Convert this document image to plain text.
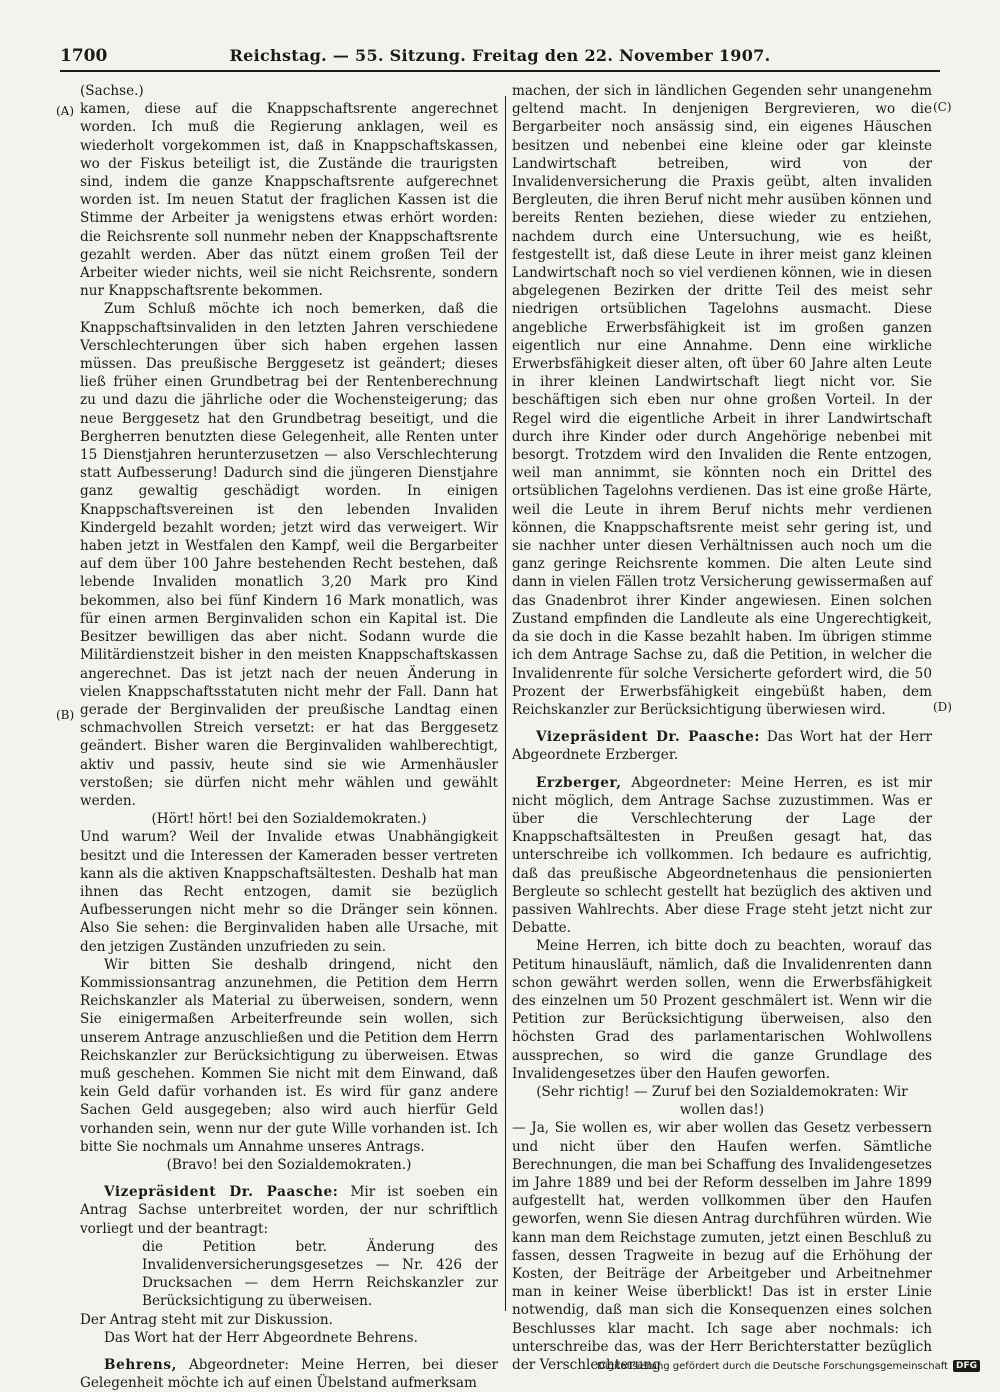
1700	Reichstag. — 55. Sitzung. Freitag den 22. November 1907.
(A)
(B)
(C)
(D)

(Sachse.)

kamen, diese auf die Knappschaftsrente angerechnet worden. Ich muß die Regierung anklagen, weil es wiederholt vorgekommen ist, daß in Knappschaftskassen, wo der Fiskus beteiligt ist, die Zustände die traurigsten sind, indem die ganze Knappschaftsrente aufgerechnet worden ist. Im neuen Statut der fraglichen Kassen ist die Stimme der Arbeiter ja wenigstens etwas erhört worden: die Reichsrente soll nunmehr neben der Knappschaftsrente gezahlt werden. Aber das nützt einem großen Teil der Arbeiter wieder nichts, weil sie nicht Reichsrente, sondern nur Knappschaftsrente bekommen.

Zum Schluß möchte ich noch bemerken, daß die Knappschaftsinvaliden in den letzten Jahren verschiedene Verschlechterungen über sich haben ergehen lassen müssen. Das preußische Berggesetz ist geändert; dieses ließ früher einen Grundbetrag bei der Rentenberechnung zu und dazu die jährliche oder die Wochensteigerung; das neue Berggesetz hat den Grundbetrag beseitigt, und die Bergherren benutzten diese Gelegenheit, alle Renten unter 15 Dienstjahren herunterzusetzen — also Verschlechterung statt Aufbesserung! Dadurch sind die jüngeren Dienstjahre ganz gewaltig geschädigt worden. In einigen Knappschaftsvereinen ist den lebenden Invaliden Kindergeld bezahlt worden; jetzt wird das verweigert. Wir haben jetzt in Westfalen den Kampf, weil die Bergarbeiter auf dem über 100 Jahre bestehenden Recht bestehen, daß lebende Invaliden monatlich 3,20 Mark pro Kind bekommen, also bei fünf Kindern 16 Mark monatlich, was für einen armen Berginvaliden schon ein Kapital ist. Die Besitzer bewilligen das aber nicht. Sodann wurde die Militärdienstzeit bisher in den meisten Knappschaftskassen angerechnet. Das ist jetzt nach der neuen Änderung in vielen Knappschaftsstatuten nicht mehr der Fall. Dann hat gerade der Berginvaliden der preußische Landtag einen schmachvollen Streich versetzt: er hat das Berggesetz geändert. Bisher waren die Berginvaliden wahlberechtigt, aktiv und passiv, heute sind sie wie Armenhäusler verstoßen; sie dürfen nicht mehr wählen und gewählt werden.

(Hört! hört! bei den Sozialdemokraten.)

Und warum? Weil der Invalide etwas Unabhängigkeit besitzt und die Interessen der Kameraden besser vertreten kann als die aktiven Knappschaftsältesten. Deshalb hat man ihnen das Recht entzogen, damit sie bezüglich Aufbesserungen nicht mehr so die Dränger sein können. Also Sie sehen: die Berginvaliden haben alle Ursache, mit den jetzigen Zuständen unzufrieden zu sein.

Wir bitten Sie deshalb dringend, nicht den Kommissionsantrag anzunehmen, die Petition dem Herrn Reichskanzler als Material zu überweisen, sondern, wenn Sie einigermaßen Arbeiterfreunde sein wollen, sich unserem Antrage anzuschließen und die Petition dem Herrn Reichskanzler zur Berücksichtigung zu überweisen. Etwas muß geschehen. Kommen Sie nicht mit dem Einwand, daß kein Geld dafür vorhanden ist. Es wird für ganz andere Sachen Geld ausgegeben; also wird auch hierfür Geld vorhanden sein, wenn nur der gute Wille vorhanden ist. Ich bitte Sie nochmals um Annahme unseres Antrags.

(Bravo! bei den Sozialdemokraten.)

Vizepräsident Dr. Paasche: Mir ist soeben ein Antrag Sachse unterbreitet worden, der nur schriftlich vorliegt und der beantragt:

die Petition betr. Änderung des Invalidenversicherungsgesetzes — Nr. 426 der Drucksachen — dem Herrn Reichskanzler zur Berücksichtigung zu überweisen.

Der Antrag steht mit zur Diskussion.

Das Wort hat der Herr Abgeordnete Behrens.

Behrens, Abgeordneter: Meine Herren, bei dieser Gelegenheit möchte ich auf einen Übelstand aufmerksam

machen, der sich in ländlichen Gegenden sehr unangenehm geltend macht. In denjenigen Bergrevieren, wo die Bergarbeiter noch ansässig sind, ein eigenes Häuschen besitzen und nebenbei eine kleine oder gar kleinste Landwirtschaft betreiben, wird von der Invalidenversicherung die Praxis geübt, alten invaliden Bergleuten, die ihren Beruf nicht mehr ausüben können und bereits Renten beziehen, diese wieder zu entziehen, nachdem durch eine Untersuchung, wie es heißt, festgestellt ist, daß diese Leute in ihrer meist ganz kleinen Landwirtschaft noch so viel verdienen können, wie in diesen abgelegenen Bezirken der dritte Teil des meist sehr niedrigen ortsüblichen Tagelohns ausmacht. Diese angebliche Erwerbsfähigkeit ist im großen ganzen eigentlich nur eine Annahme. Denn eine wirkliche Erwerbsfähigkeit dieser alten, oft über 60 Jahre alten Leute in ihrer kleinen Landwirtschaft liegt nicht vor. Sie beschäftigen sich eben nur ohne großen Vorteil. In der Regel wird die eigentliche Arbeit in ihrer Landwirtschaft durch ihre Kinder oder durch Angehörige nebenbei mit besorgt. Trotzdem wird den Invaliden die Rente entzogen, weil man annimmt, sie könnten noch ein Drittel des ortsüblichen Tagelohns verdienen. Das ist eine große Härte, weil die Leute in ihrem Beruf nichts mehr verdienen können, die Knappschaftsrente meist sehr gering ist, und sie nachher unter diesen Verhältnissen auch noch um die ganz geringe Reichsrente kommen. Die alten Leute sind dann in vielen Fällen trotz Versicherung gewissermaßen auf das Gnadenbrot ihrer Kinder angewiesen. Einen solchen Zustand empfinden die Landleute als eine Ungerechtigkeit, da sie doch in die Kasse bezahlt haben. Im übrigen stimme ich dem Antrage Sachse zu, daß die Petition, in welcher die Invalidenrente für solche Versicherte gefordert wird, die 50 Prozent der Erwerbsfähigkeit eingebüßt haben, dem Reichskanzler zur Berücksichtigung überwiesen wird.

Vizepräsident Dr. Paasche: Das Wort hat der Herr Abgeordnete Erzberger.

Erzberger, Abgeordneter: Meine Herren, es ist mir nicht möglich, dem Antrage Sachse zuzustimmen. Was er über die Verschlechterung der Lage der Knappschaftsältesten in Preußen gesagt hat, das unterschreibe ich vollkommen. Ich bedaure es aufrichtig, daß das preußische Abgeordnetenhaus die pensionierten Bergleute so schlecht gestellt hat bezüglich des aktiven und passiven Wahlrechts. Aber diese Frage steht jetzt nicht zur Debatte.

Meine Herren, ich bitte doch zu beachten, worauf das Petitum hinausläuft, nämlich, daß die Invalidenrenten dann schon gewährt werden sollen, wenn die Erwerbsfähigkeit des einzelnen um 50 Prozent geschmälert ist. Wenn wir die Petition zur Berücksichtigung überweisen, also den höchsten Grad des parlamentarischen Wohlwollens aussprechen, so wird die ganze Grundlage des Invalidengesetzes über den Haufen geworfen.

(Sehr richtig! — Zuruf bei den Sozialdemokraten: Wir wollen das!)

— Ja, Sie wollen es, wir aber wollen das Gesetz verbessern und nicht über den Haufen werfen. Sämtliche Berechnungen, die man bei Schaffung des Invalidengesetzes im Jahre 1889 und bei der Reform desselben im Jahre 1899 aufgestellt hat, werden vollkommen über den Haufen geworfen, wenn Sie diesen Antrag durchführen würden. Wie kann man dem Reichstage zumuten, jetzt einen Beschluß zu fassen, dessen Tragweite in bezug auf die Erhöhung der Kosten, der Beiträge der Arbeitgeber und Arbeitnehmer man in keiner Weise überblickt! Das ist in erster Linie notwendig, daß man sich die Konsequenzen eines solchen Beschlusses klar macht. Ich sage aber nochmals: ich unterschreibe das, was der Herr Berichterstatter bezüglich der Verschlechterung

Digitalisierung gefördert durch die Deutsche Forschungsgemeinschaft DFG
